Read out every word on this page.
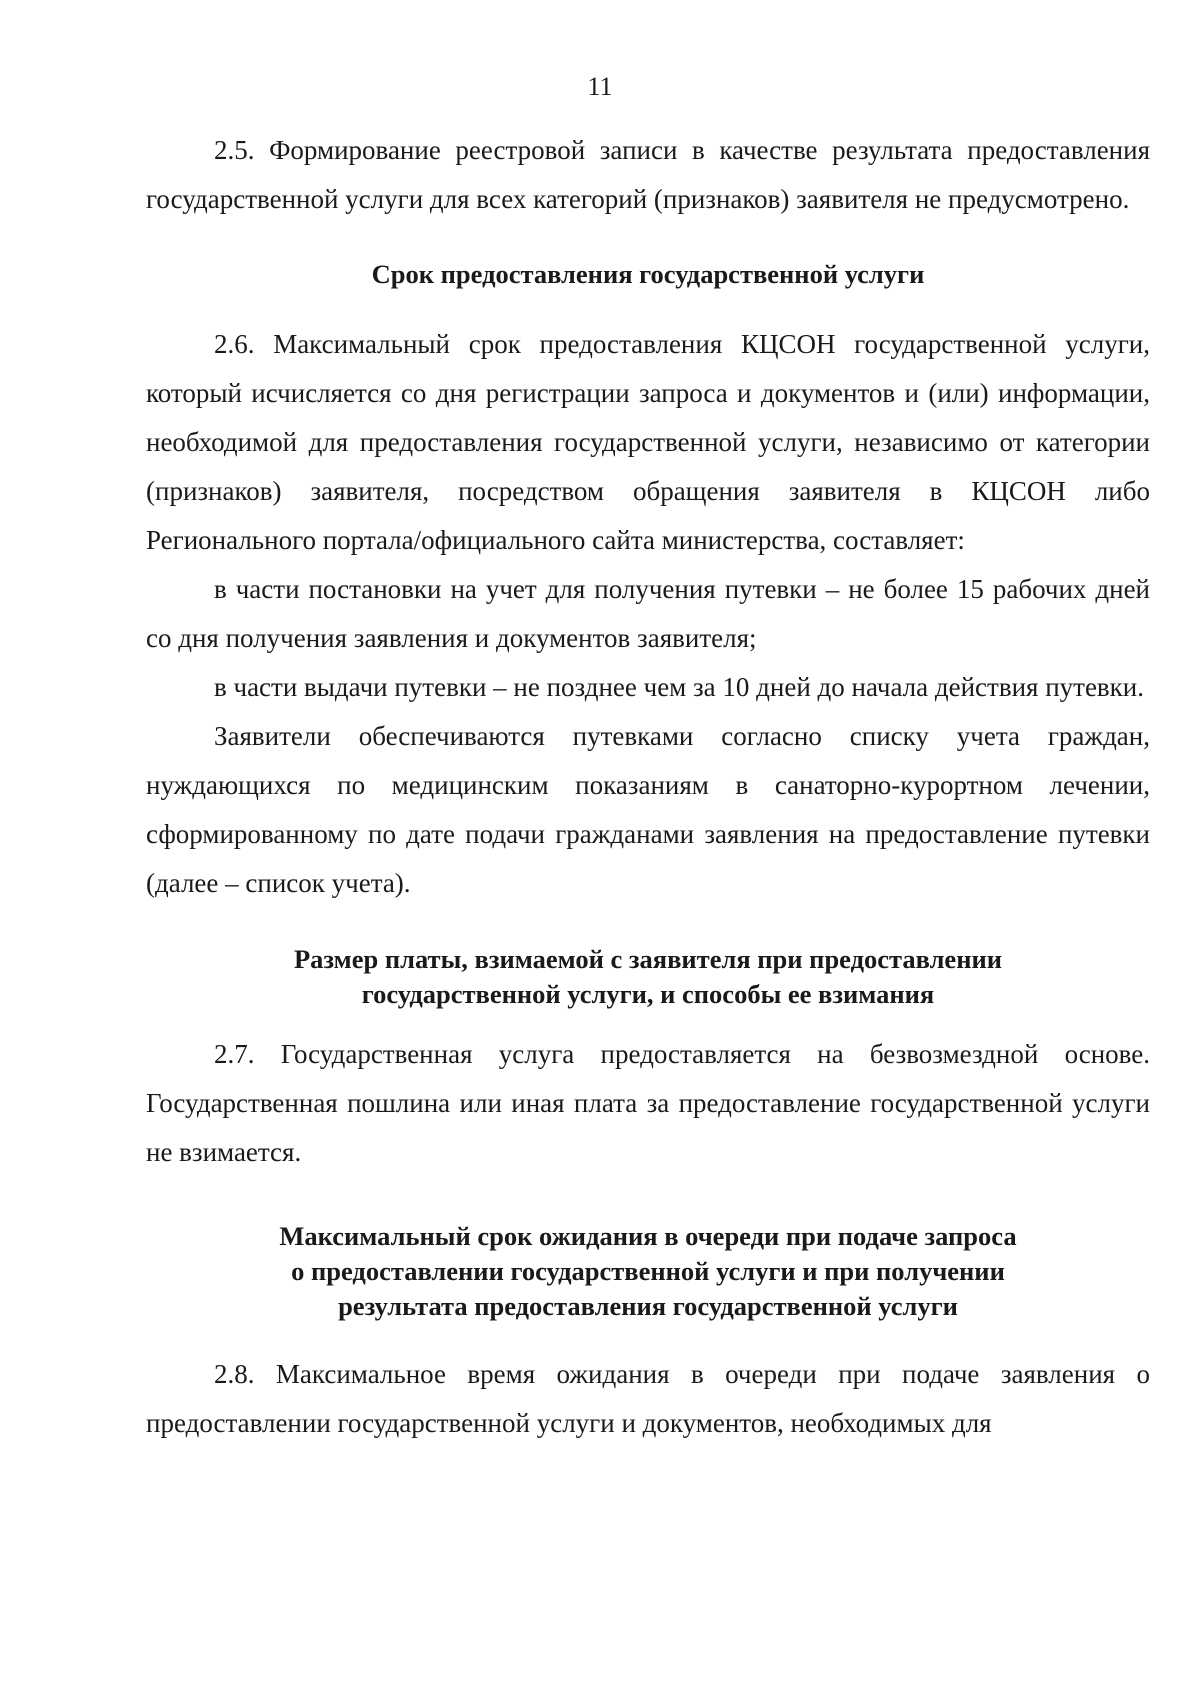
11

2.5. Формирование реестровой записи в качестве результата предоставления государственной услуги для всех категорий (признаков) заявителя не предусмотрено.

Срок предоставления государственной услуги

2.6. Максимальный срок предоставления КЦСОН государственной услуги, который исчисляется со дня регистрации запроса и документов и (или) информации, необходимой для предоставления государственной услуги, независимо от категории (признаков) заявителя, посредством обращения заявителя в КЦСОН либо Регионального портала/официального сайта министерства, составляет:

в части постановки на учет для получения путевки – не более 15 рабочих дней со дня получения заявления и документов заявителя;

в части выдачи путевки – не позднее чем за 10 дней до начала действия путевки.

Заявители обеспечиваются путевками согласно списку учета граждан, нуждающихся по медицинским показаниям в санаторно-курортном лечении, сформированному по дате подачи гражданами заявления на предоставление путевки (далее – список учета).

Размер платы, взимаемой с заявителя при предоставлении
государственной услуги, и способы ее взимания

2.7. Государственная услуга предоставляется на безвозмездной основе. Государственная пошлина или иная плата за предоставление государственной услуги не взимается.

Максимальный срок ожидания в очереди при подаче запроса
о предоставлении государственной услуги и при получении
результата предоставления государственной услуги

2.8. Максимальное время ожидания в очереди при подаче заявления о предоставлении государственной услуги и документов, необходимых для
